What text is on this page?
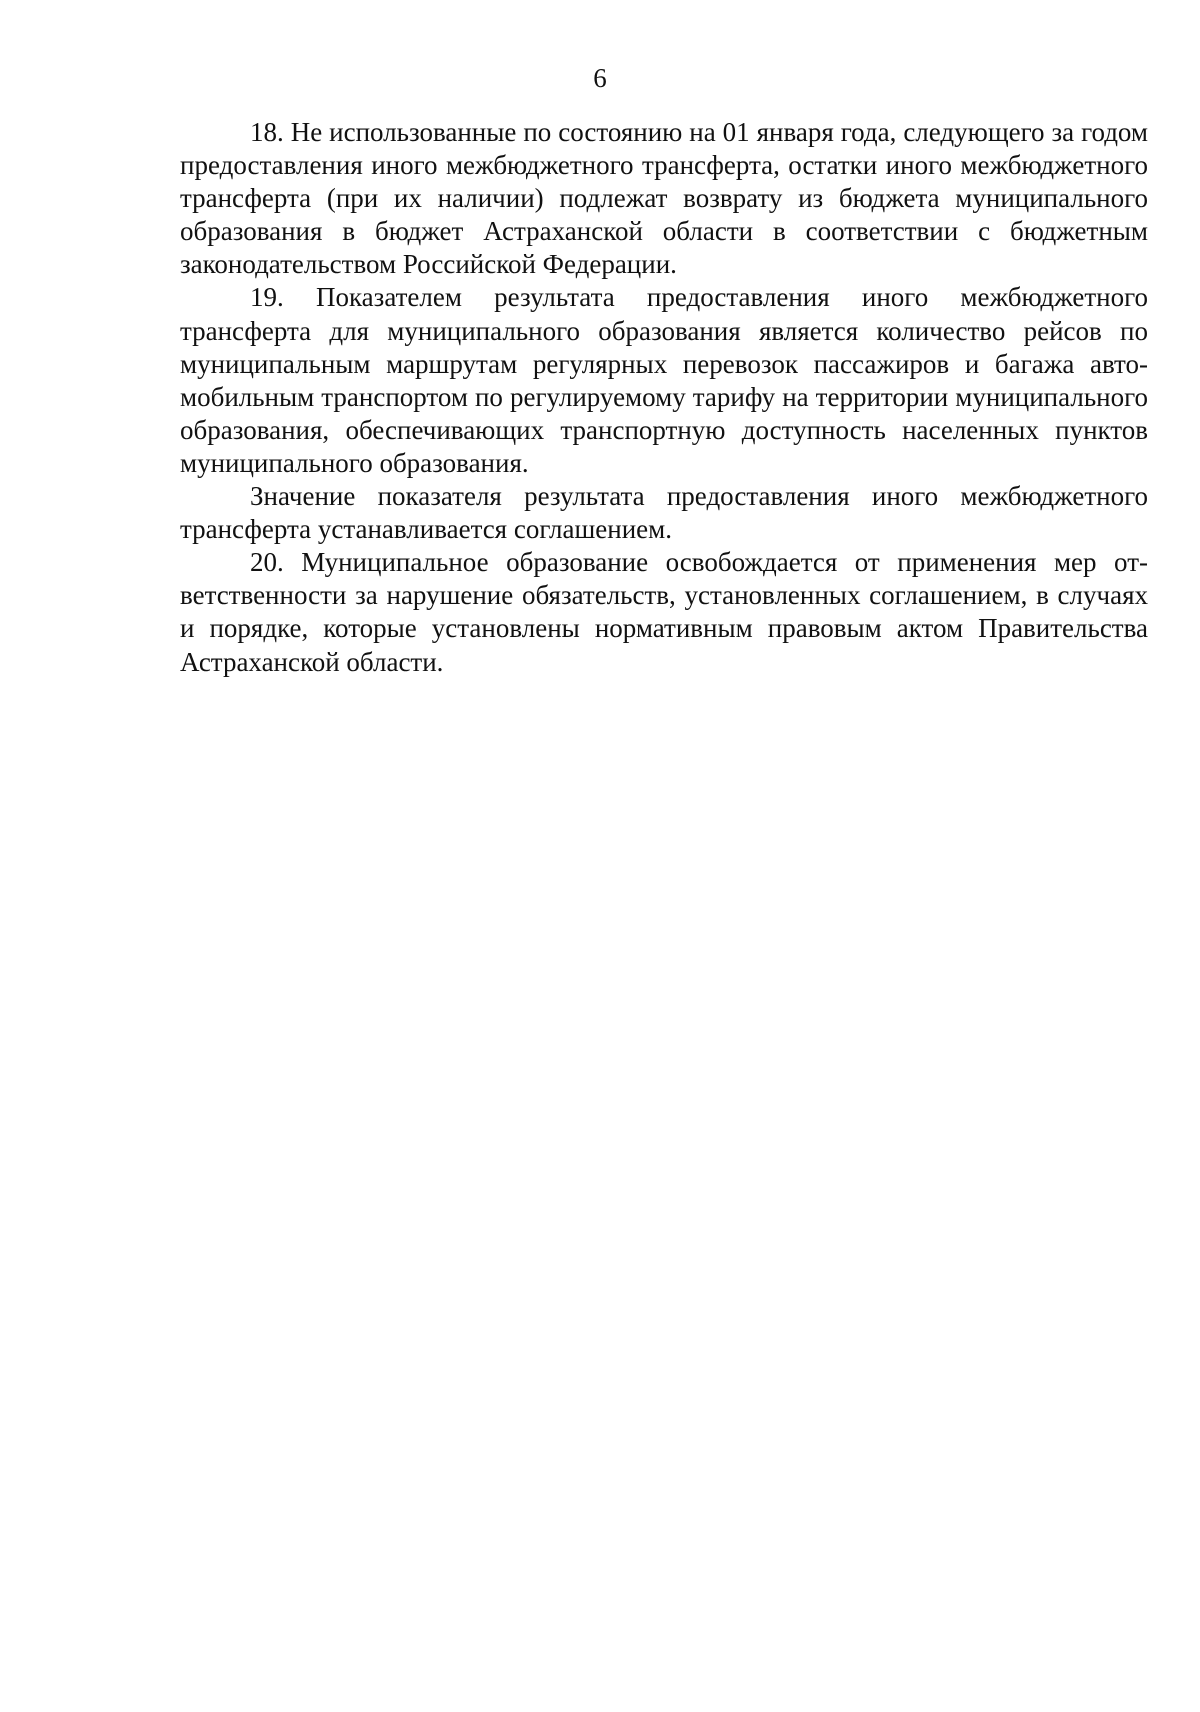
6

18. Не использованные по состоянию на 01 января года, следующего за годом предоставления иного межбюджетного трансферта, остатки иного межбюджетного трансферта (при их наличии) подлежат возврату из бюджета муниципального образования в бюджет Астраханской области в соответствии с бюджетным законодательством Российской Федерации.

19. Показателем результата предоставления иного межбюджетного трансферта для муниципального образования является количество рейсов по муниципальным маршрутам регулярных перевозок пассажиров и багажа автомобильным транспортом по регулируемому тарифу на территории муниципального образования, обеспечивающих транспортную доступность населенных пунктов муниципального образования.

Значение показателя результата предоставления иного межбюджетного трансферта устанавливается соглашением.

20. Муниципальное образование освобождается от применения мер ответственности за нарушение обязательств, установленных соглашением, в случаях и порядке, которые установлены нормативным правовым актом Правительства Астраханской области.
